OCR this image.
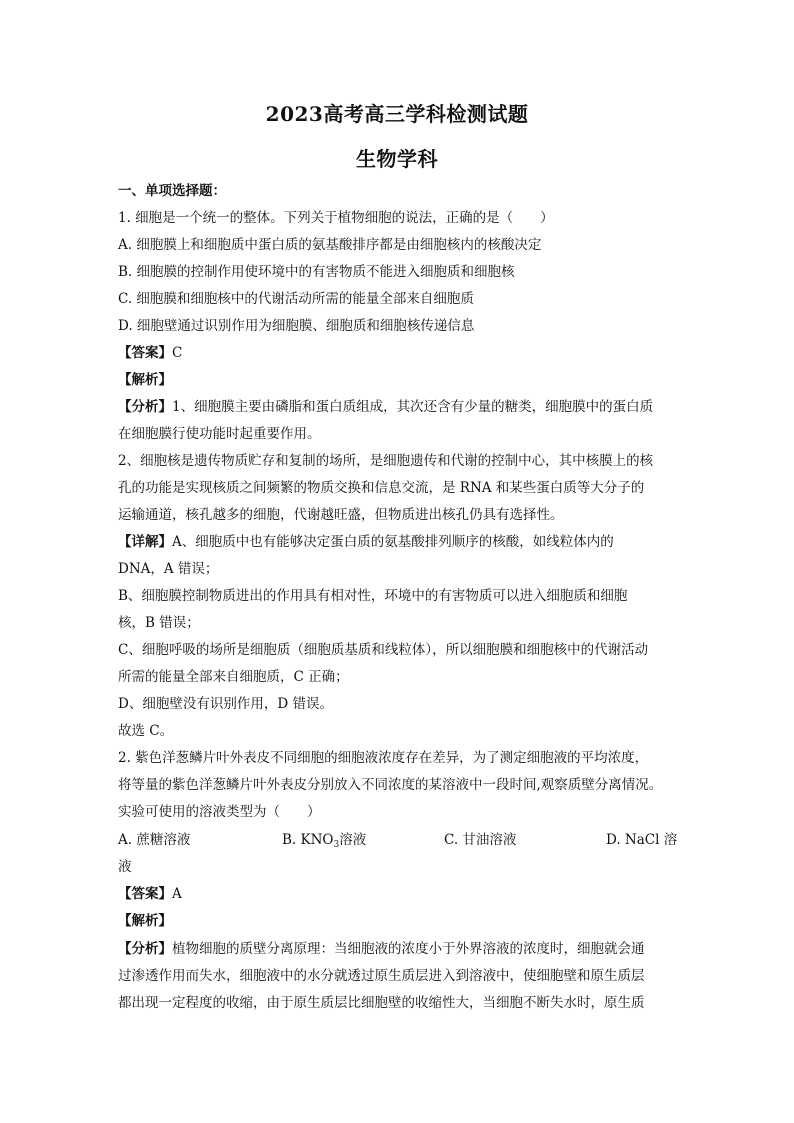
2023高考高三学科检测试题
生物学科
一、单项选择题：
1. 细胞是一个统一的整体。下列关于植物细胞的说法，正确的是（　　）
A. 细胞膜上和细胞质中蛋白质的氨基酸排序都是由细胞核内的核酸决定
B. 细胞膜的控制作用使环境中的有害物质不能进入细胞质和细胞核
C. 细胞膜和细胞核中的代谢活动所需的能量全部来自细胞质
D. 细胞壁通过识别作用为细胞膜、细胞质和细胞核传递信息
【答案】C
【解析】
【分析】1、细胞膜主要由磷脂和蛋白质组成，其次还含有少量的糖类，细胞膜中的蛋白质
在细胞膜行使功能时起重要作用。
2、细胞核是遗传物质贮存和复制的场所，是细胞遗传和代谢的控制中心，其中核膜上的核
孔的功能是实现核质之间频繁的物质交换和信息交流，是 RNA 和某些蛋白质等大分子的
运输通道，核孔越多的细胞，代谢越旺盛，但物质进出核孔仍具有选择性。
【详解】A、细胞质中也有能够决定蛋白质的氨基酸排列顺序的核酸，如线粒体内的
DNA，A 错误；
B、细胞膜控制物质进出的作用具有相对性，环境中的有害物质可以进入细胞质和细胞
核，B 错误；
C、细胞呼吸的场所是细胞质（细胞质基质和线粒体），所以细胞膜和细胞核中的代谢活动
所需的能量全部来自细胞质，C 正确；
D、细胞壁没有识别作用，D 错误。
故选 C。
2. 紫色洋葱鳞片叶外表皮不同细胞的细胞液浓度存在差异，为了测定细胞液的平均浓度，
将等量的紫色洋葱鳞片叶外表皮分别放入不同浓度的某溶液中一段时间,观察质壁分离情况。
实验可使用的溶液类型为（　　）
A. 蔗糖溶液	B. $KNO_3$溶液	C. 甘油溶液	D. NaCl 溶
液
【答案】A
【解析】
【分析】植物细胞的质壁分离原理：当细胞液的浓度小于外界溶液的浓度时，细胞就会通
过渗透作用而失水，细胞液中的水分就透过原生质层进入到溶液中，使细胞壁和原生质层
都出现一定程度的收缩，由于原生质层比细胞壁的收缩性大，当细胞不断失水时，原生质
